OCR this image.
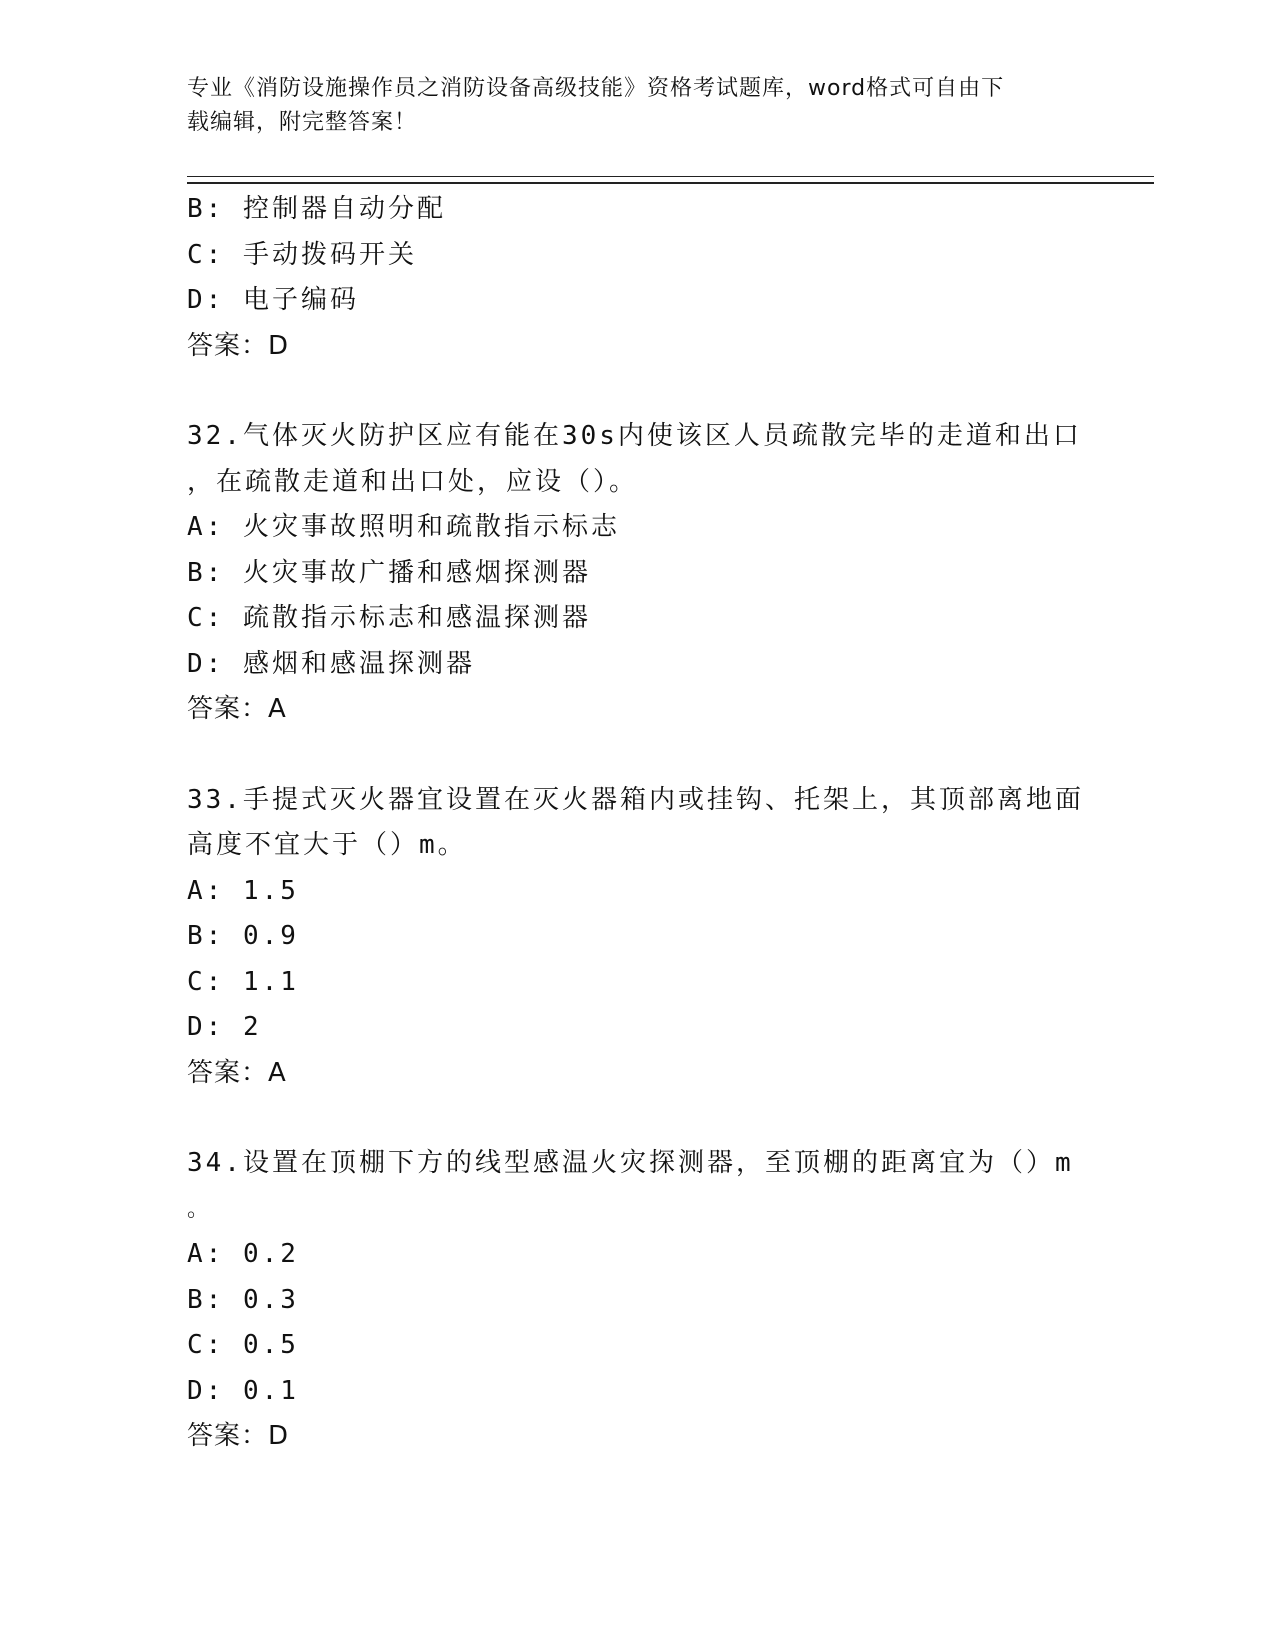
专业《消防设施操作员之消防设备高级技能》资格考试题库，word格式可自由下
载编辑，附完整答案！
B: 控制器自动分配
C: 手动拨码开关
D: 电子编码
答案：D
32.气体灭火防护区应有能在30s内使该区人员疏散完毕的走道和出口
，在疏散走道和出口处，应设（）。
A: 火灾事故照明和疏散指示标志
B: 火灾事故广播和感烟探测器
C: 疏散指示标志和感温探测器
D: 感烟和感温探测器
答案：A
33.手提式灭火器宜设置在灭火器箱内或挂钩、托架上，其顶部离地面
高度不宜大于（）m。
A: 1.5
B: 0.9
C: 1.1
D: 2
答案：A
34.设置在顶棚下方的线型感温火灾探测器，至顶棚的距离宜为（）m
。
A: 0.2
B: 0.3
C: 0.5
D: 0.1
答案：D
